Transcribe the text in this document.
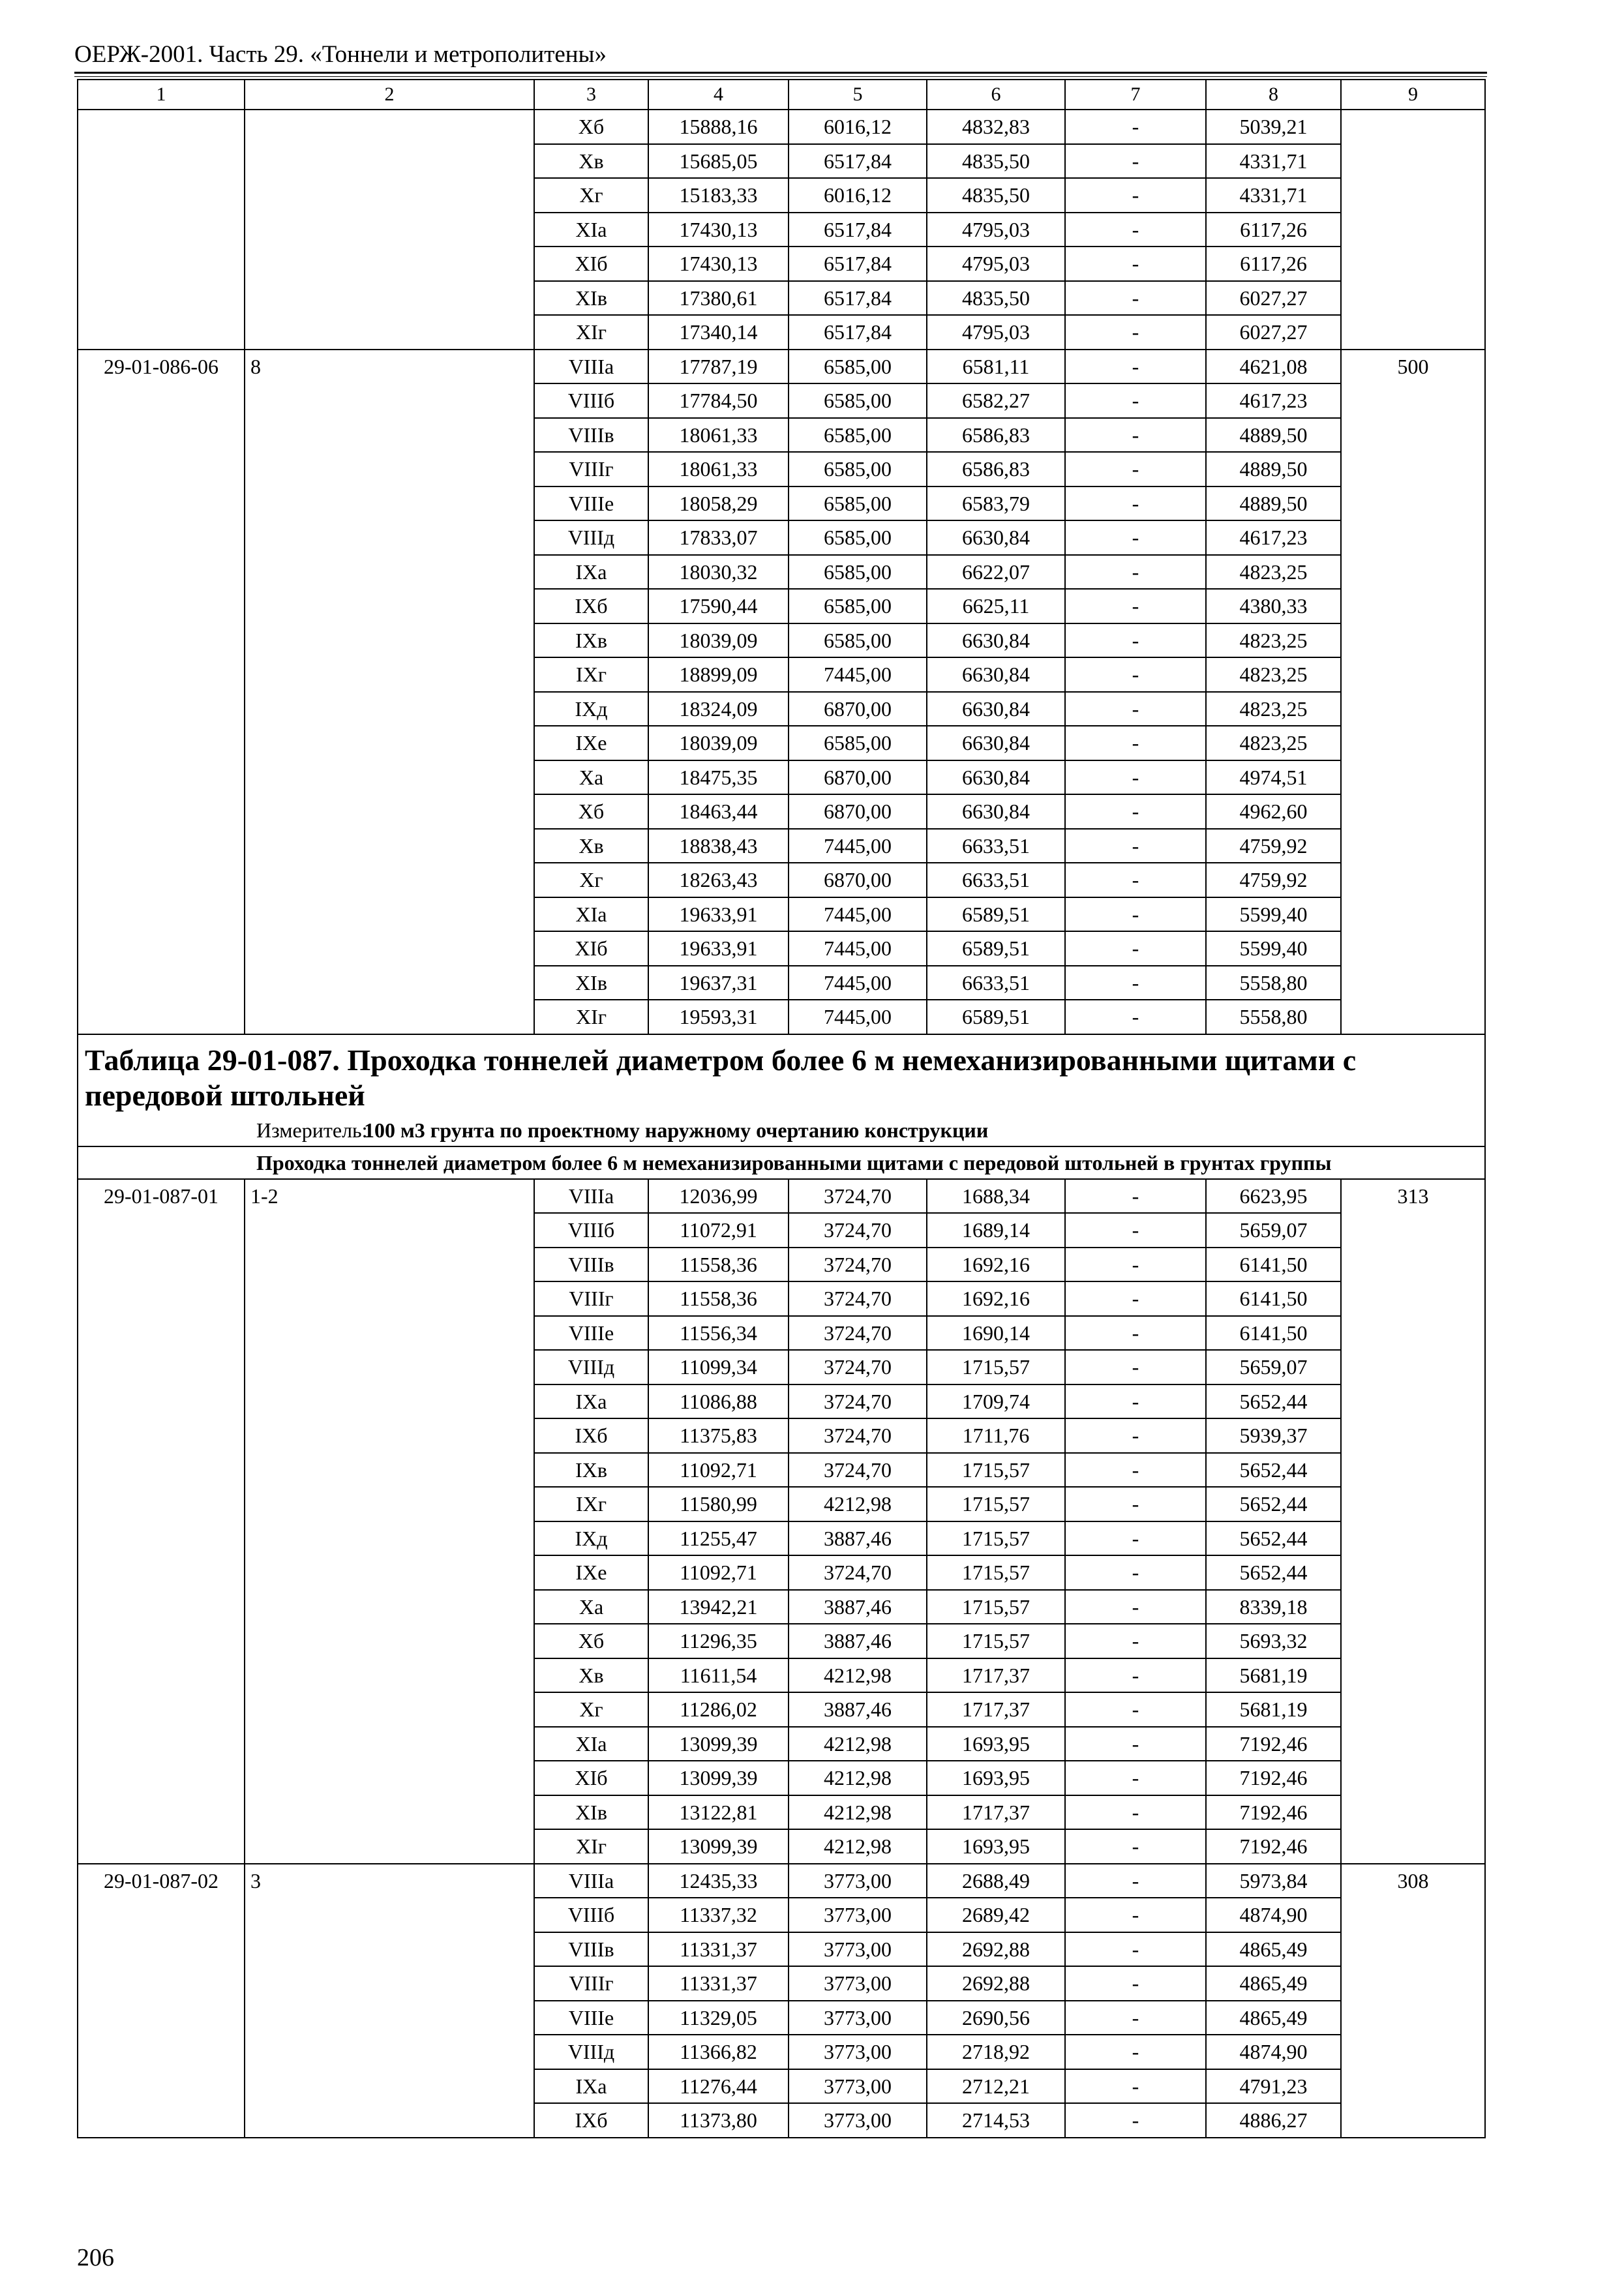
ОЕРЖ-2001. Часть 29. «Тоннели и метрополитены»
1	2	3	4	5	6	7	8	9
		Хб	15888,16	6016,12	4832,83	-	5039,21	
		Хв	15685,05	6517,84	4835,50	-	4331,71	
		Хг	15183,33	6016,12	4835,50	-	4331,71	
		ХIа	17430,13	6517,84	4795,03	-	6117,26	
		ХIб	17430,13	6517,84	4795,03	-	6117,26	
		ХIв	17380,61	6517,84	4835,50	-	6027,27	
		ХIг	17340,14	6517,84	4795,03	-	6027,27	
29-01-086-06	8	VIIIа	17787,19	6585,00	6581,11	-	4621,08	500
		VIIIб	17784,50	6585,00	6582,27	-	4617,23	
		VIIIв	18061,33	6585,00	6586,83	-	4889,50	
		VIIIг	18061,33	6585,00	6586,83	-	4889,50	
		VIIIе	18058,29	6585,00	6583,79	-	4889,50	
		VIIIд	17833,07	6585,00	6630,84	-	4617,23	
		IХа	18030,32	6585,00	6622,07	-	4823,25	
		IХб	17590,44	6585,00	6625,11	-	4380,33	
		IХв	18039,09	6585,00	6630,84	-	4823,25	
		IХг	18899,09	7445,00	6630,84	-	4823,25	
		IХд	18324,09	6870,00	6630,84	-	4823,25	
		IХе	18039,09	6585,00	6630,84	-	4823,25	
		Ха	18475,35	6870,00	6630,84	-	4974,51	
		Хб	18463,44	6870,00	6630,84	-	4962,60	
		Хв	18838,43	7445,00	6633,51	-	4759,92	
		Хг	18263,43	6870,00	6633,51	-	4759,92	
		ХIа	19633,91	7445,00	6589,51	-	5599,40	
		ХIб	19633,91	7445,00	6589,51	-	5599,40	
		ХIв	19637,31	7445,00	6633,51	-	5558,80	
		ХIг	19593,31	7445,00	6589,51	-	5558,80	

Таблица 29-01-087. Проходка тоннелей диаметром более 6 м немеханизированными щитами с передовой штольней
Измеритель:100 м3 грунта по проектному наружному очертанию конструкции								

Проходка тоннелей диаметром более 6 м немеханизированными щитами с передовой штольней в грунтах группы								
29-01-087-01	1-2	VIIIа	12036,99	3724,70	1688,34	-	6623,95	313
		VIIIб	11072,91	3724,70	1689,14	-	5659,07	
		VIIIв	11558,36	3724,70	1692,16	-	6141,50	
		VIIIг	11558,36	3724,70	1692,16	-	6141,50	
		VIIIе	11556,34	3724,70	1690,14	-	6141,50	
		VIIIд	11099,34	3724,70	1715,57	-	5659,07	
		IХа	11086,88	3724,70	1709,74	-	5652,44	
		IХб	11375,83	3724,70	1711,76	-	5939,37	
		IХв	11092,71	3724,70	1715,57	-	5652,44	
		IХг	11580,99	4212,98	1715,57	-	5652,44	
		IХд	11255,47	3887,46	1715,57	-	5652,44	
		IХе	11092,71	3724,70	1715,57	-	5652,44	
		Ха	13942,21	3887,46	1715,57	-	8339,18	
		Хб	11296,35	3887,46	1715,57	-	5693,32	
		Хв	11611,54	4212,98	1717,37	-	5681,19	
		Хг	11286,02	3887,46	1717,37	-	5681,19	
		ХIа	13099,39	4212,98	1693,95	-	7192,46	
		ХIб	13099,39	4212,98	1693,95	-	7192,46	
		ХIв	13122,81	4212,98	1717,37	-	7192,46	
		ХIг	13099,39	4212,98	1693,95	-	7192,46	
29-01-087-02	3	VIIIа	12435,33	3773,00	2688,49	-	5973,84	308
		VIIIб	11337,32	3773,00	2689,42	-	4874,90	
		VIIIв	11331,37	3773,00	2692,88	-	4865,49	
		VIIIг	11331,37	3773,00	2692,88	-	4865,49	
		VIIIе	11329,05	3773,00	2690,56	-	4865,49	
		VIIIд	11366,82	3773,00	2718,92	-	4874,90	
		IХа	11276,44	3773,00	2712,21	-	4791,23	
		IХб	11373,80	3773,00	2714,53	-	4886,27	
206
